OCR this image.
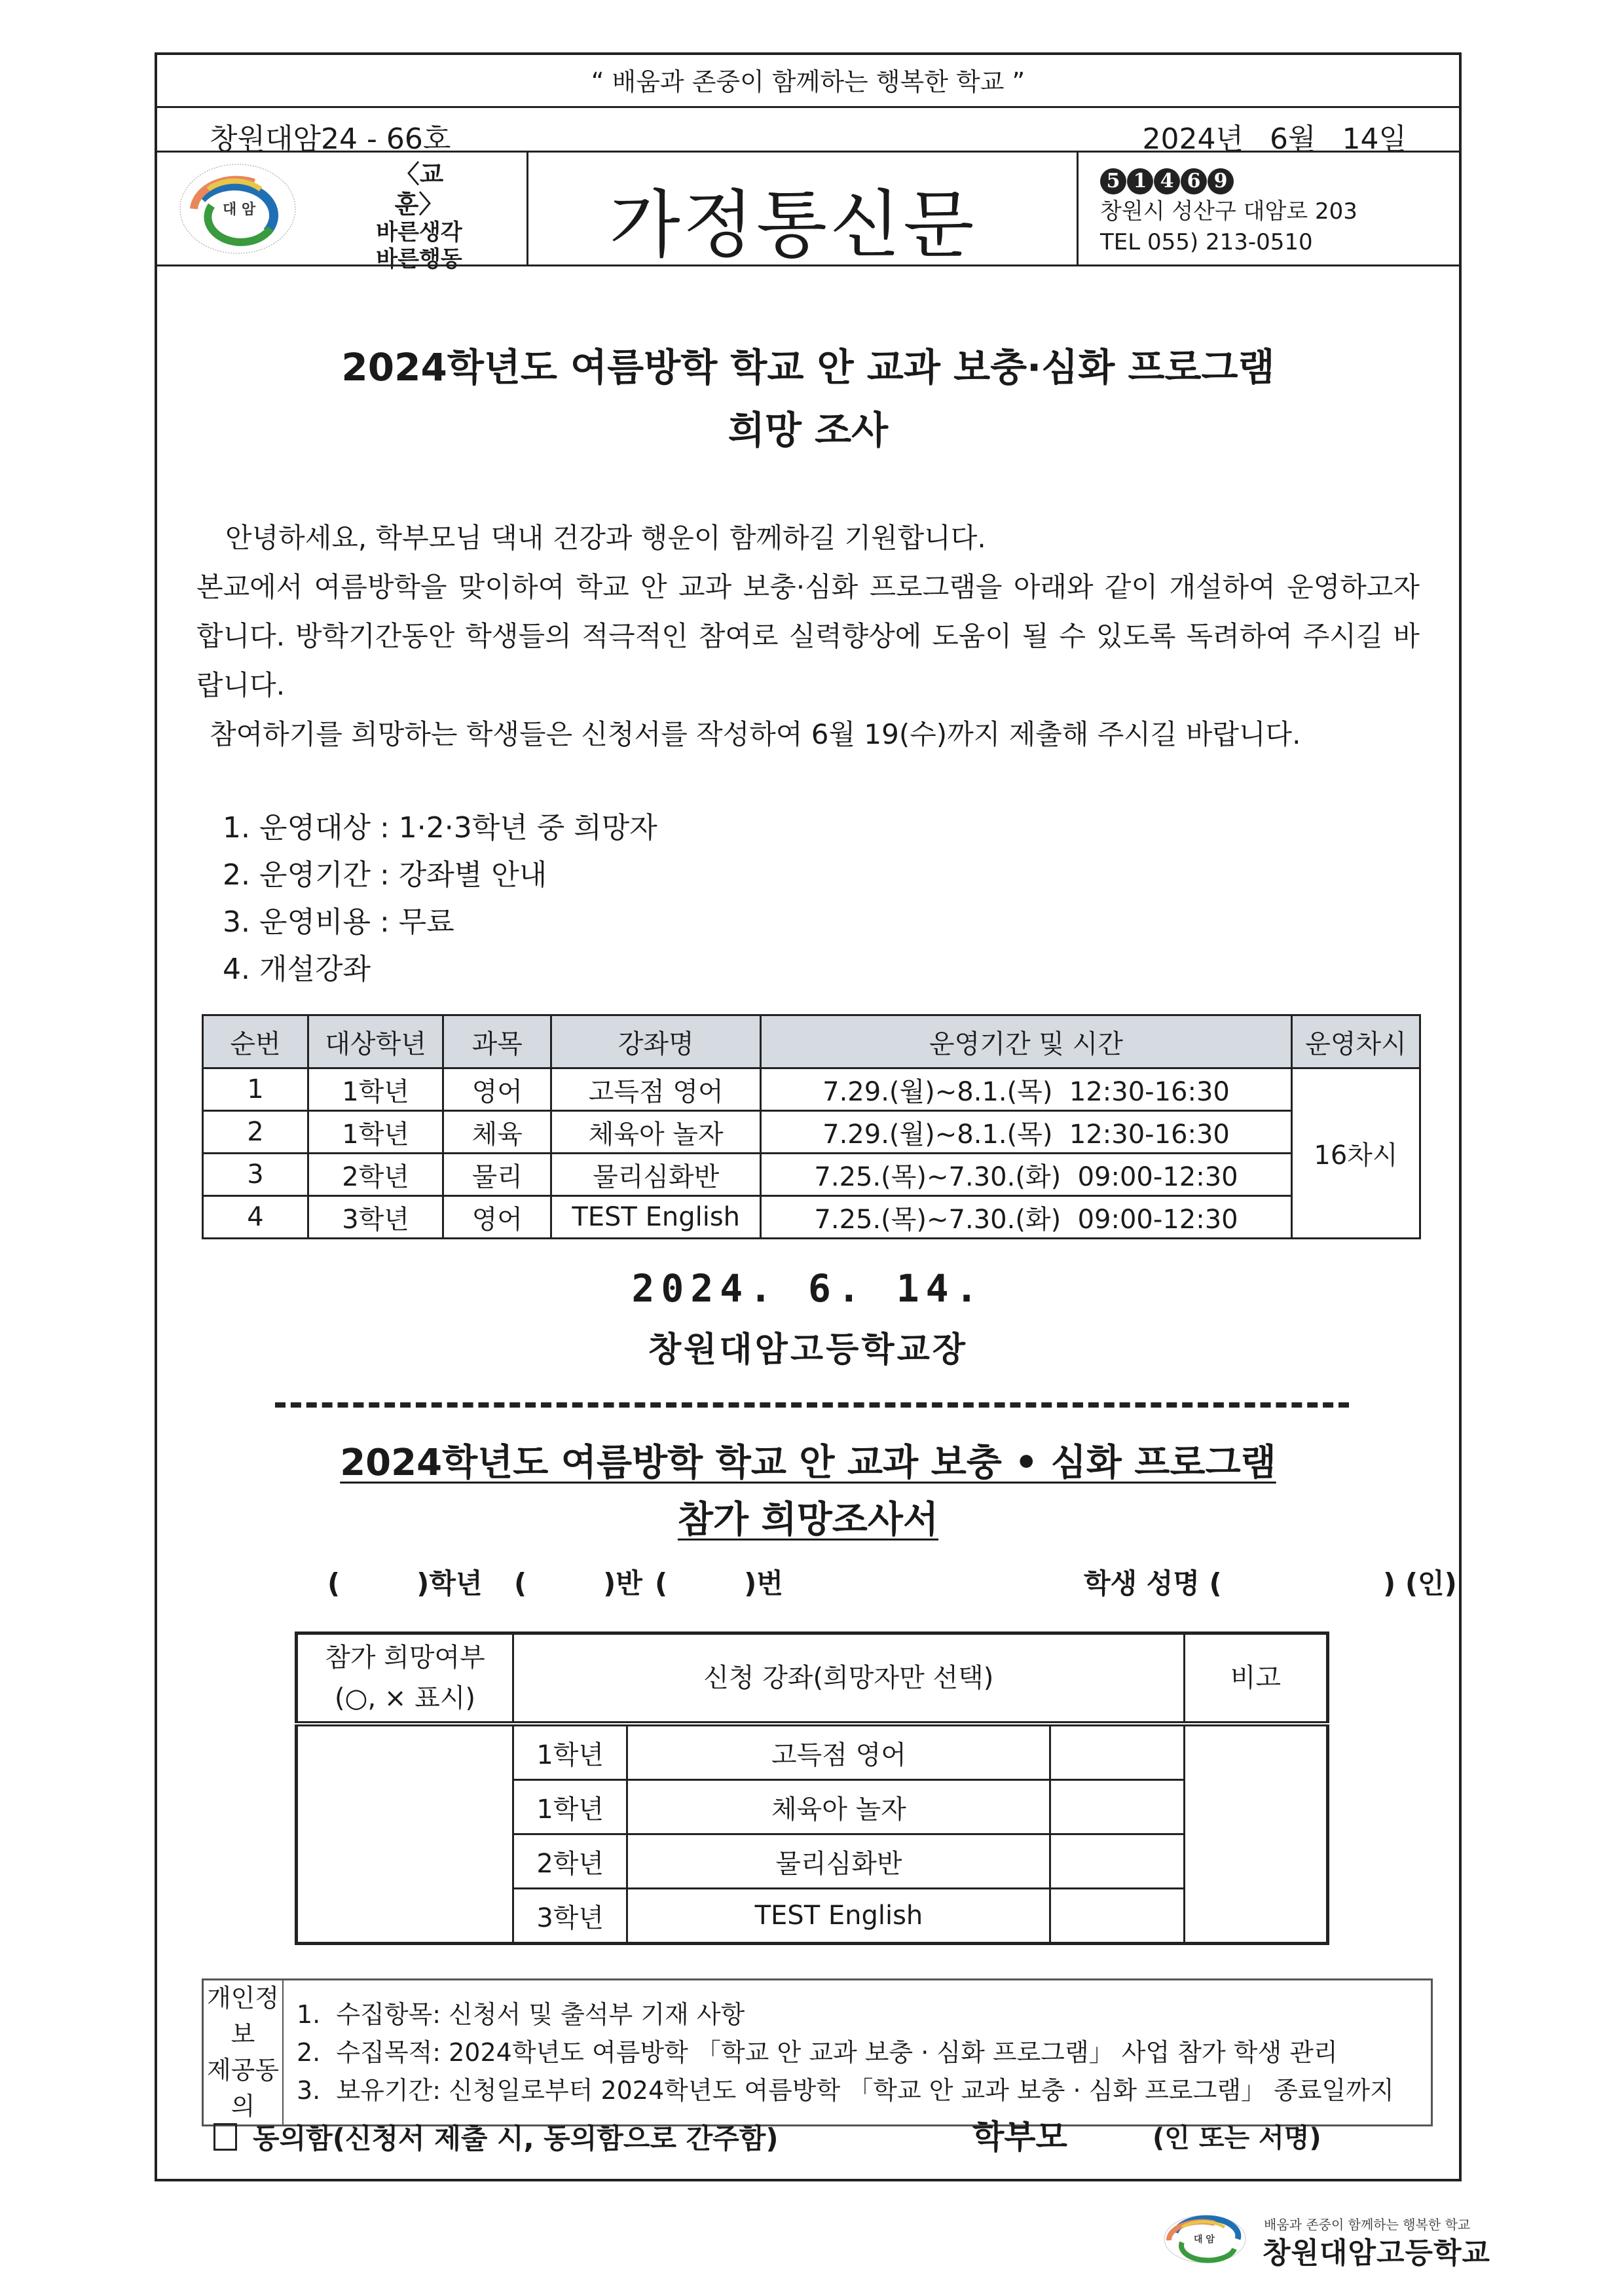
“ 배움과 존중이 함께하는 행복한 학교 ”
창원대암24 - 66호	2024년 6월 14일
대 암
〈교 훈〉
바른생각
바른행동	가정통신문
5 1 4 6 9
창원시 성산구 대암로 203
TEL 055) 213-0510
2024학년도 여름방학 학교 안 교과 보충·심화 프로그램
희망 조사

안녕하세요, 학부모님 댁내 건강과 행운이 함께하길 기원합니다.

본교에서 여름방학을 맞이하여 학교 안 교과 보충·심화 프로그램을 아래와 같이 개설하여 운영하고자 합니다. 방학기간동안 학생들의 적극적인 참여로 실력향상에 도움이 될 수 있도록 독려하여 주시길 바랍니다.

참여하기를 희망하는 학생들은 신청서를 작성하여 6월 19(수)까지 제출해 주시길 바랍니다.

1. 운영대상 : 1·2·3학년 중 희망자
2. 운영기간 : 강좌별 안내
3. 운영비용 : 무료
4. 개설강좌
순번	대상학년	과목	강좌명	운영기간 및 시간	운영차시
1	1학년	영어	고득점 영어	7.29.(월)~8.1.(목)  12:30-16:30	16차시
2	1학년	체육	체육아 놀자	7.29.(월)~8.1.(목)  12:30-16:30	
3	2학년	물리	물리심화반	7.25.(목)~7.30.(화)  09:00-12:30	
4	3학년	영어	TEST English	7.25.(목)~7.30.(화)  09:00-12:30	
2024. 6. 14.
창원대암고등학교장
2024학년도 여름방학 학교 안 교과 보충 • 심화 프로그램
참가 희망조사서
(        )학년 (        )반 (        )번	학생 성명 (	) (인)
참가 희망여부
(○, × 표시)	신청 강좌(희망자만 선택)			비고
	1학년	고득점 영어		
	1학년	체육아 놀자		
	2학년	물리심화반		
	3학년	TEST English		
개인정보
제공동의

1.  수집항목: 신청서 및 출석부 기재 사항
2.  수집목적: 2024학년도 여름방학 「학교 안 교과 보충 · 심화 프로그램」 사업 참가 학생 관리
3.  보유기간: 신청일로부터 2024학년도 여름방학 「학교 안 교과 보충 · 심화 프로그램」 종료일까지
동의함(신청서 제출 시, 동의함으로 간주함)	학부모	(인 또는 서명)
대 암
배움과 존중이 함께하는 행복한 학교
창원대암고등학교
